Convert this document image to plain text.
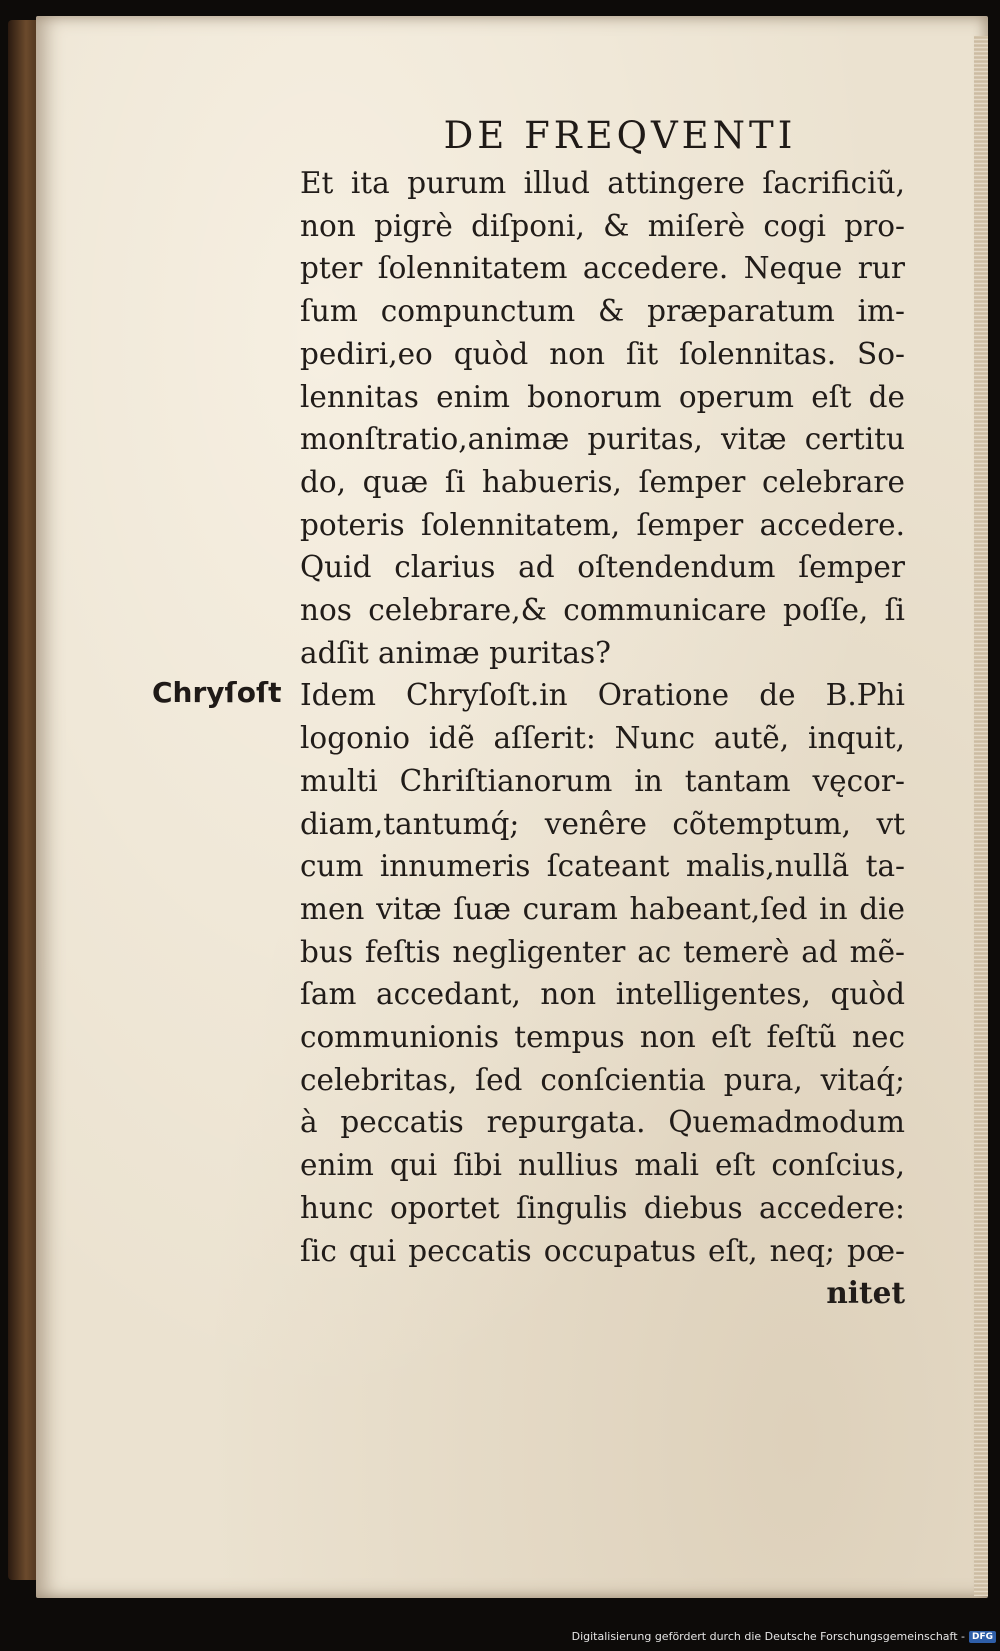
DE FREQVENTI
Chryſoſt
Et ita purum illud attingere ſacrificiũ,
non pigrè diſponi, & miſerè cogi pro-
pter ſolennitatem accedere. Neque rur
ſum compunctum & præparatum im-
pediri,eo quòd non ſit ſolennitas. So-
lennitas enim bonorum operum eſt de
monſtratio,animæ puritas, vitæ certitu
do, quæ ſi habueris, ſemper celebrare
poteris ſolennitatem, ſemper accedere.
Quid clarius ad oſtendendum ſemper
nos celebrare,& communicare poſſe, ſi
adſit animæ puritas?
Idem Chryſoſt.in Oratione de B.Phi
logonio idẽ aſſerit: Nunc autẽ, inquit,
multi Chriſtianorum in tantam vęcor-
diam,tantumq́; venêre cõtemptum, vt
cum innumeris ſcateant malis,nullã ta-
men vitæ ſuæ curam habeant,ſed in die
bus feſtis negligenter ac temerè ad mẽ-
ſam accedant, non intelligentes, quòd
communionis tempus non eſt feſtũ nec
celebritas, ſed conſcientia pura, vitaq́;
à peccatis repurgata. Quemadmodum
enim qui ſibi nullius mali eſt conſcius,
hunc oportet ſingulis diebus accedere:
ſic qui peccatis occupatus eſt, neq; pœ-
nitet
Digitalisierung gefördert durch die Deutsche Forschungsgemeinschaft - DFG
